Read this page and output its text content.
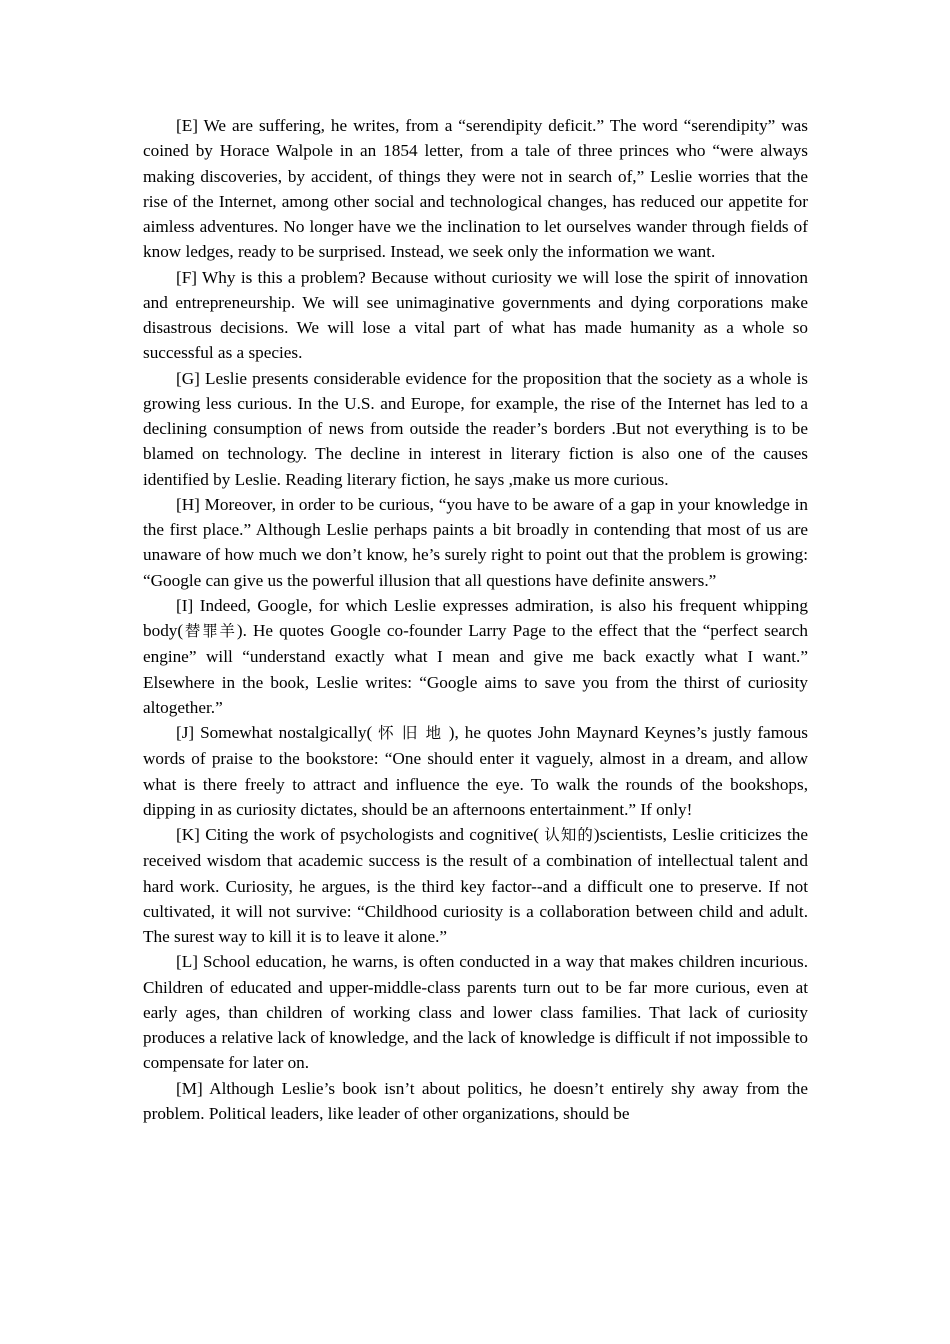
[E] We are suffering, he writes, from a “serendipity deficit.” The word “serendipity” was coined by Horace Walpole in an 1854 letter, from a tale of three princes who “were always making discoveries, by accident, of things they were not in search of,” Leslie worries that the rise of the Internet, among other social and technological changes, has reduced our appetite for aimless adventures. No longer have we the inclination to let ourselves wander through fields of know ledges, ready to be surprised. Instead, we seek only the information we want.

[F] Why is this a problem? Because without curiosity we will lose the spirit of innovation and entrepreneurship. We will see unimaginative governments and dying corporations make disastrous decisions. We will lose a vital part of what has made humanity as a whole so successful as a species.

[G] Leslie presents considerable evidence for the proposition that the society as a whole is growing less curious. In the U.S. and Europe, for example, the rise of the Internet has led to a declining consumption of news from outside the reader’s borders .But not everything is to be blamed on technology. The decline in interest in literary fiction is also one of the causes identified by Leslie. Reading literary fiction, he says ,make us more curious.

[H] Moreover, in order to be curious, “you have to be aware of a gap in your knowledge in the first place.” Although Leslie perhaps paints a bit broadly in contending that most of us are unaware of how much we don’t know, he’s surely right to point out that the problem is growing: “Google can give us the powerful illusion that all questions have definite answers.”

[I] Indeed, Google, for which Leslie expresses admiration, is also his frequent whipping body(替罪羊). He quotes Google co-founder Larry Page to the effect that the “perfect search engine” will “understand exactly what I mean and give me back exactly what I want.” Elsewhere in the book, Leslie writes: “Google aims to save you from the thirst of curiosity altogether.”

[J] Somewhat nostalgically( 怀 旧 地 ), he quotes John Maynard Keynes’s justly famous words of praise to the bookstore: “One should enter it vaguely, almost in a dream, and allow what is there freely to attract and influence the eye. To walk the rounds of the bookshops, dipping in as curiosity dictates, should be an afternoons entertainment.” If only!

[K] Citing the work of psychologists and cognitive( 认知的)scientists, Leslie criticizes the received wisdom that academic success is the result of a combination of intellectual talent and hard work. Curiosity, he argues, is the third key factor--and a difficult one to preserve. If not cultivated, it will not survive: “Childhood curiosity is a collaboration between child and adult. The surest way to kill it is to leave it alone.”

[L] School education, he warns, is often conducted in a way that makes children incurious. Children of educated and upper-middle-class parents turn out to be far more curious, even at early ages, than children of working class and lower class families. That lack of curiosity produces a relative lack of knowledge, and the lack of knowledge is difficult if not impossible to compensate for later on.

[M] Although Leslie’s book isn’t about politics, he doesn’t entirely shy away from the problem. Political leaders, like leader of other organizations, should be
